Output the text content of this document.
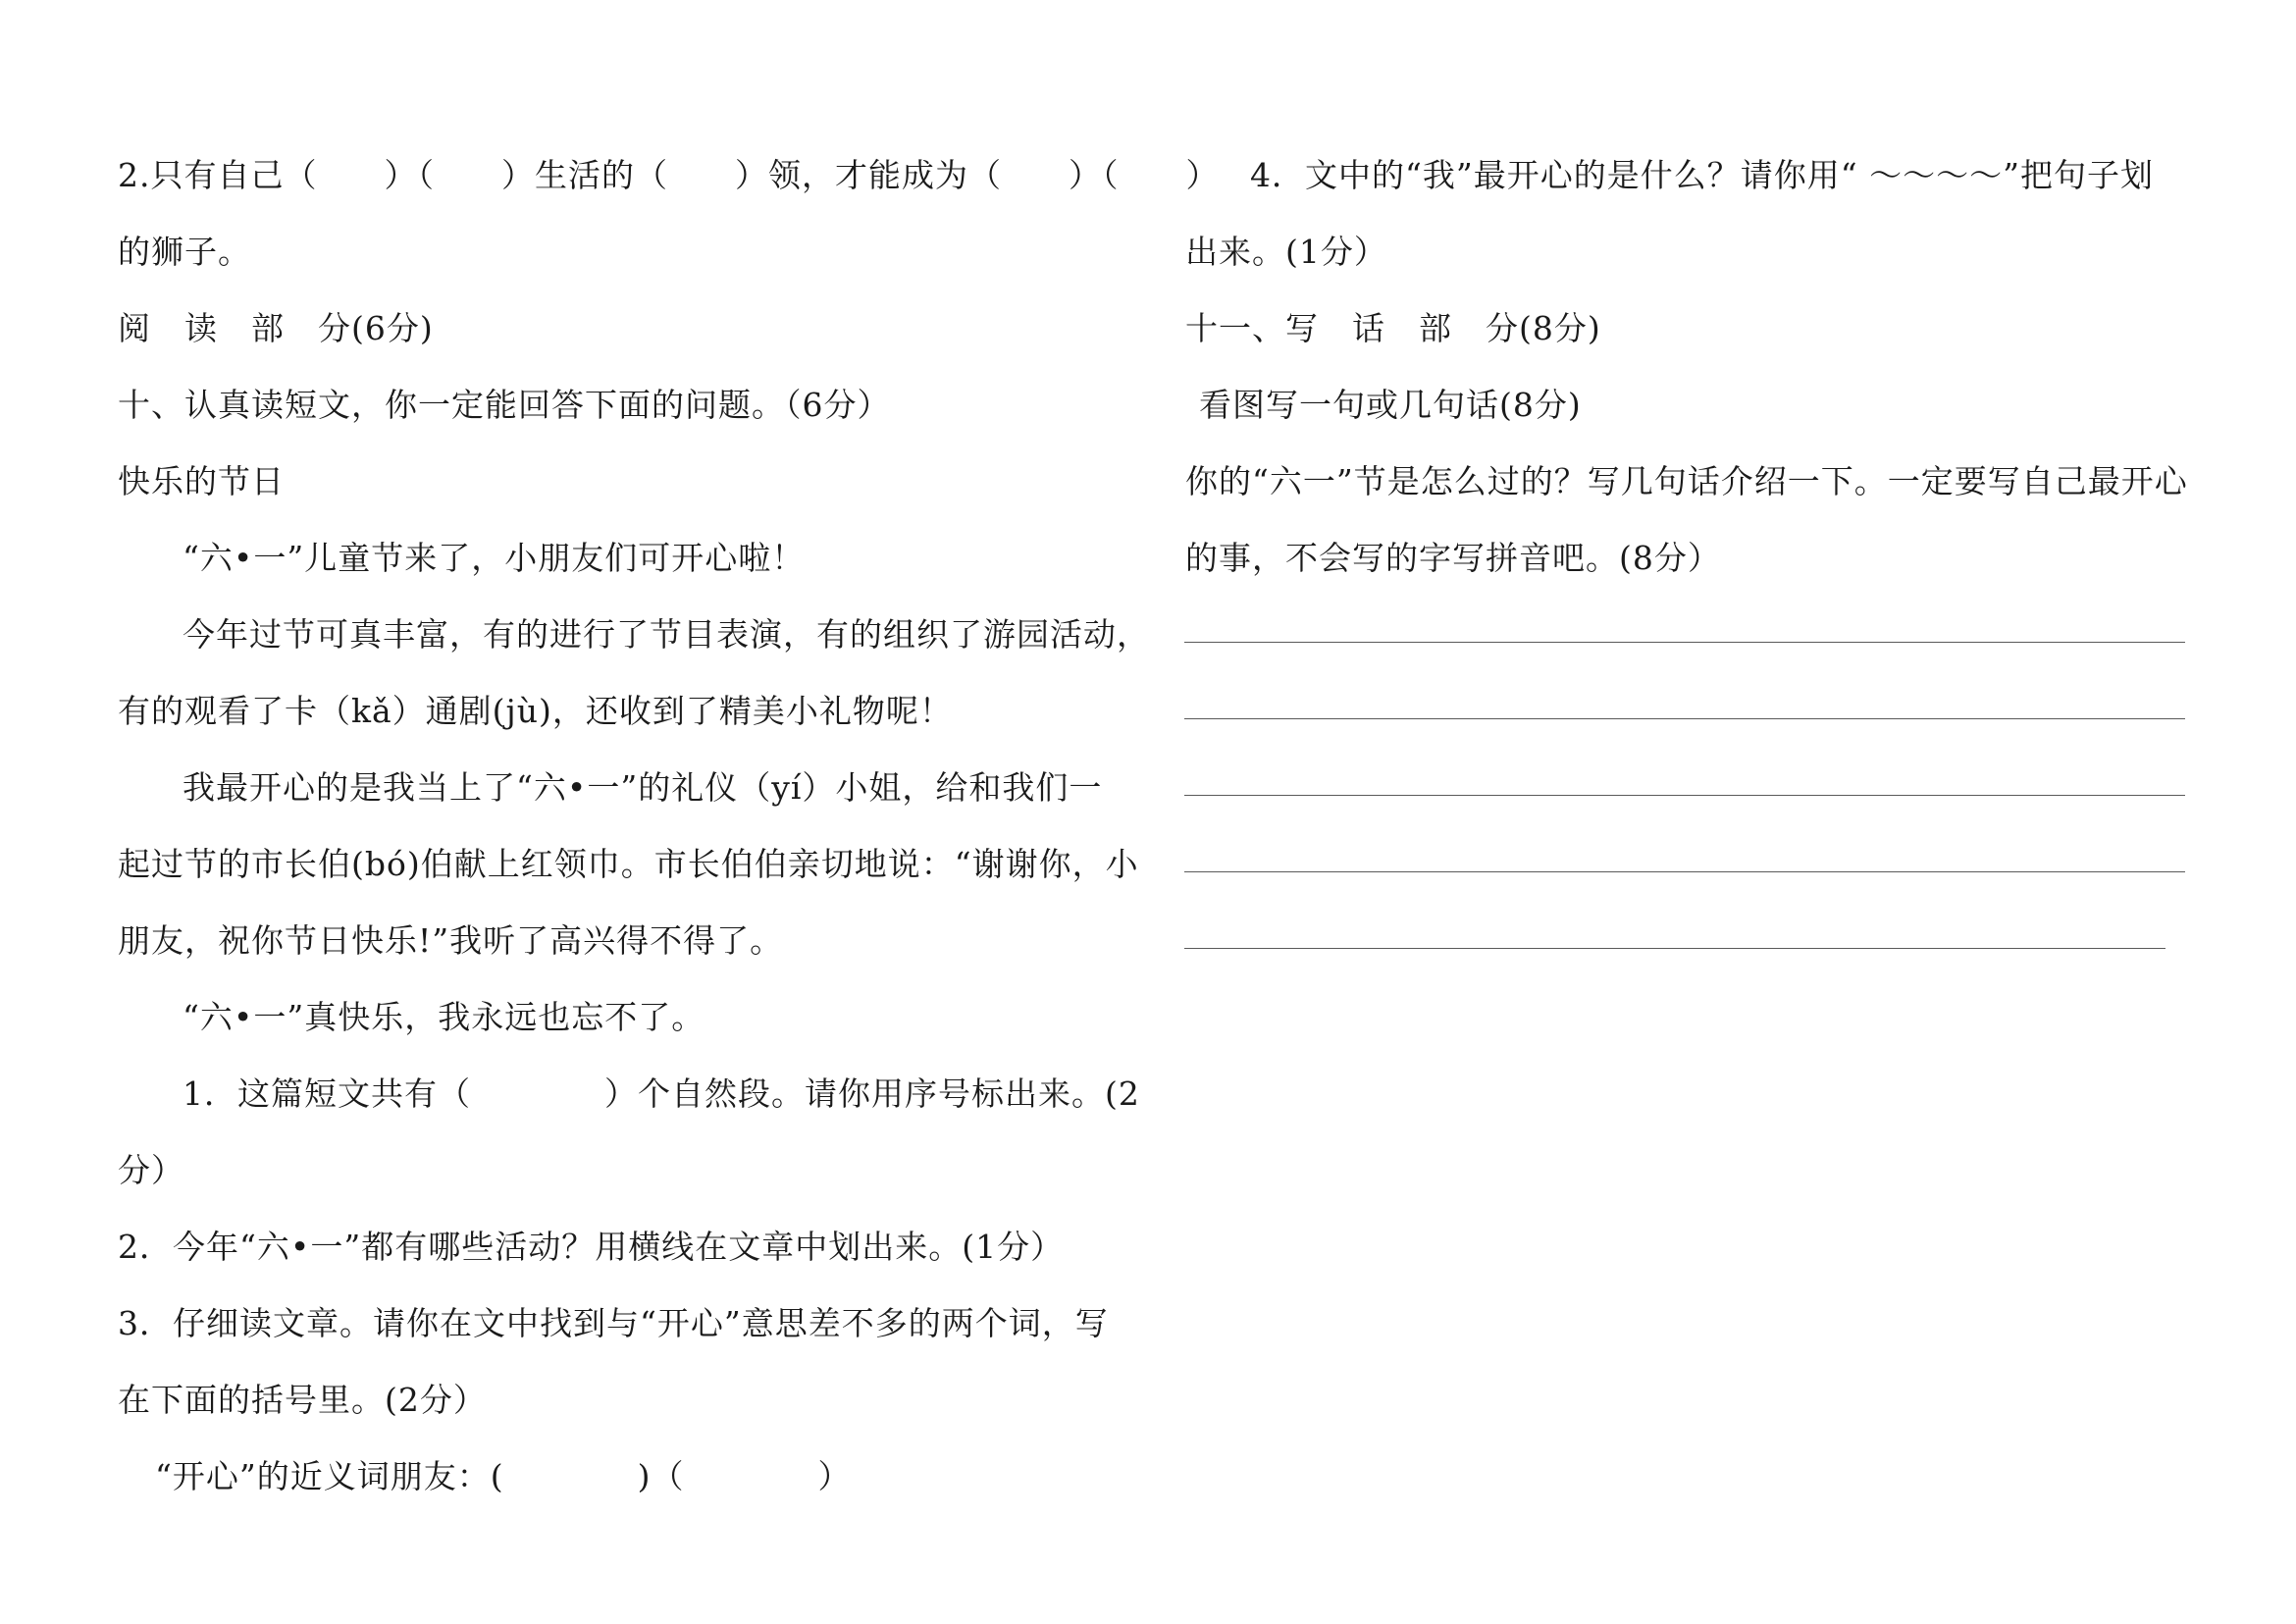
2.只有自己（　　）（　　）生活的（　　）领，才能成为（　　）（　　）
的狮子。
阅　读　部　分(6分)
十、认真读短文，你一定能回答下面的问题。（6分）
快乐的节日
“六•一”儿童节来了，小朋友们可开心啦！
今年过节可真丰富，有的进行了节目表演，有的组织了游园活动，
有的观看了卡（kǎ）通剧(jù)，还收到了精美小礼物呢！
我最开心的是我当上了“六•一”的礼仪（yí）小姐，给和我们一
起过节的市长伯(bó)伯献上红领巾。市长伯伯亲切地说：“谢谢你，小
朋友，祝你节日快乐!”我听了高兴得不得了。
“六•一”真快乐，我永远也忘不了。
1．这篇短文共有（　　　　）个自然段。请你用序号标出来。(2
分）
2．今年“六•一”都有哪些活动？用横线在文章中划出来。(1分）
3．仔细读文章。请你在文中找到与“开心”意思差不多的两个词，写
在下面的括号里。(2分）
“开心”的近义词朋友：(　　　　)（　　　　）
4．文中的“我”最开心的是什么？请你用“ ～～～～”把句子划
出来。(1分）
十一、写　话　部　分(8分)
看图写一句或几句话(8分)
你的“六一”节是怎么过的？写几句话介绍一下。一定要写自己最开心
的事，不会写的字写拼音吧。(8分）
